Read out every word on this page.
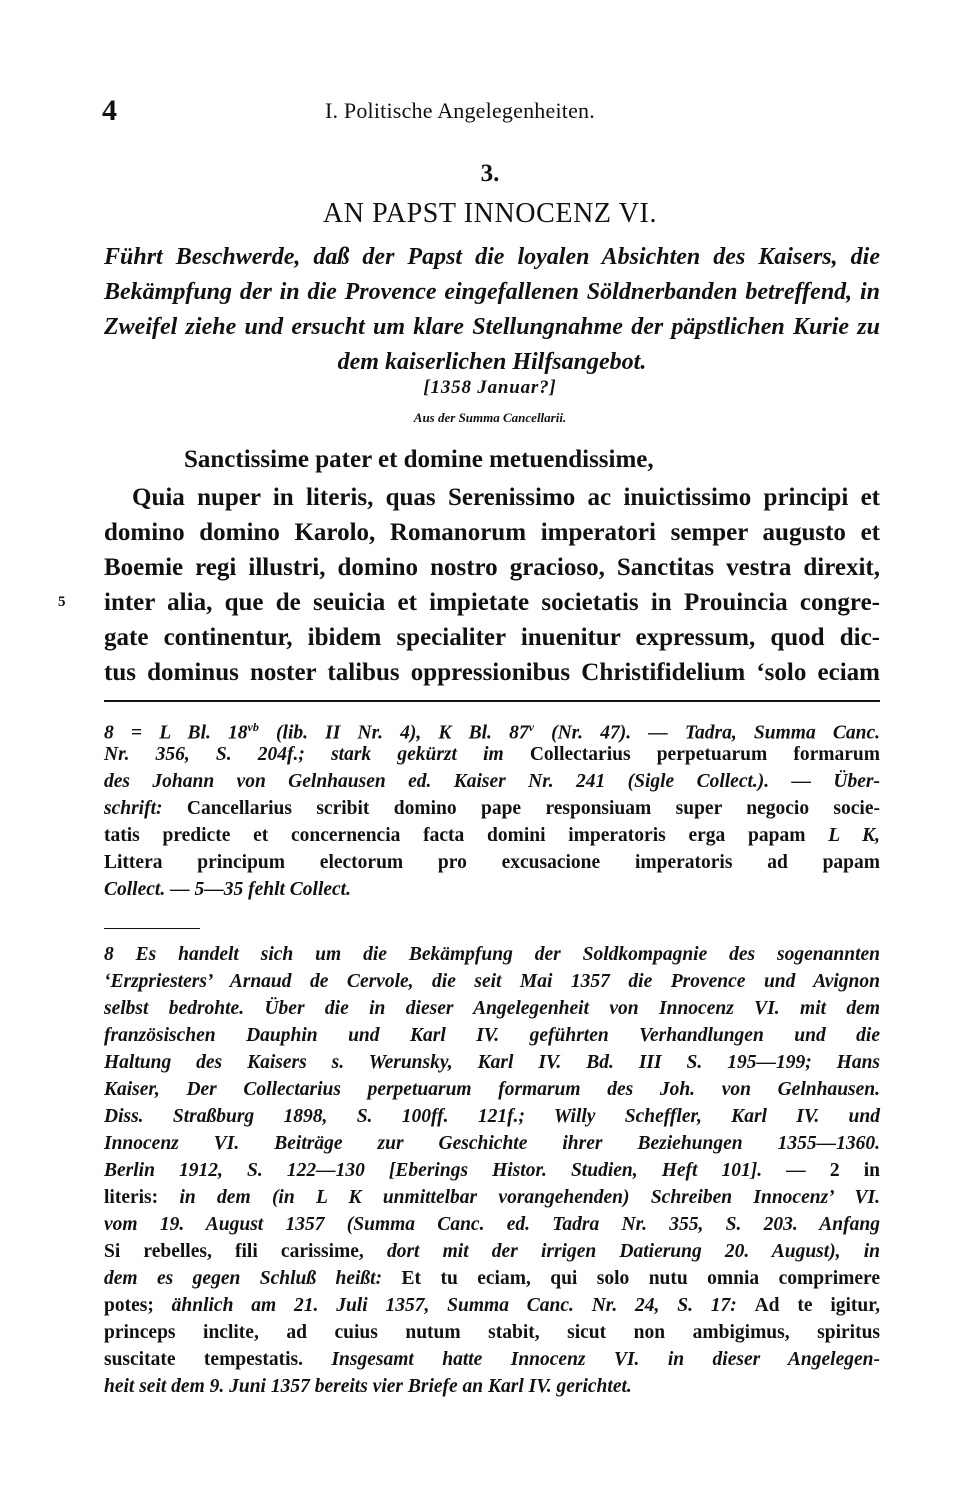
4	I. Politische Angelegenheiten.
3.
AN PAPST INNOCENZ VI.
Führt Beschwerde, daß der Papst die loyalen Absichten des Kaisers, die Bekämpfung der in die Provence eingefallenen Söldnerbanden betreffend, in Zweifel ziehe und ersucht um klare Stellungnahme der päpstlichen Kurie zu dem kaiserlichen Hilfsangebot.
[1358 Januar?]
Aus der Summa Cancellarii.
Sanctissime pater et domine metuendissime,
Quia nuper in literis, quas Serenissimo ac inuictissimo principi et
domino domino Karolo, Romanorum imperatori semper augusto et
Boemie regi illustri, domino nostro gracioso, Sanctitas vestra direxit,
5 inter alia, que de seuicia et impietate societatis in Prouincia congre-
gate continentur, ibidem specialiter inuenitur expressum, quod dic-
tus dominus noster talibus oppressionibus Christifidelium ‘solo eciam
8 = L Bl. $18^{vb}$ (lib. II Nr. 4), K Bl. 87$^v$ (Nr. 47). — Tadra, Summa Canc.
Nr. 356, S. 204f.; stark gekürzt im Collectarius perpetuarum formarum
des Johann von Gelnhausen ed. Kaiser Nr. 241 (Sigle Collect.). — Über-
schrift: Cancellarius scribit domino pape responsiuam super negocio socie-
tatis predicte et concernencia facta domini imperatoris erga papam L K,
Littera principum electorum pro excusacione imperatoris ad papam
Collect. — 5—35 fehlt Collect.
8 Es handelt sich um die Bekämpfung der Soldkompagnie des sogenannten
‘Erzpriesters’ Arnaud de Cervole, die seit Mai 1357 die Provence und Avignon
selbst bedrohte. Über die in dieser Angelegenheit von Innocenz VI. mit dem
französischen Dauphin und Karl IV. geführten Verhandlungen und die
Haltung des Kaisers s. Werunsky, Karl IV. Bd. III S. 195—199; Hans
Kaiser, Der Collectarius perpetuarum formarum des Joh. von Gelnhausen.
Diss. Straßburg 1898, S. 100ff. 121f.; Willy Scheffler, Karl IV. und
Innocenz VI. Beiträge zur Geschichte ihrer Beziehungen 1355—1360.
Berlin 1912, S. 122—130 [Eberings Histor. Studien, Heft 101]. — 2 in
literis: in dem (in L K unmittelbar vorangehenden) Schreiben Innocenz’ VI.
vom 19. August 1357 (Summa Canc. ed. Tadra Nr. 355, S. 203. Anfang
Si rebelles, fili carissime, dort mit der irrigen Datierung 20. August), in
dem es gegen Schluß heißt: Et tu eciam, qui solo nutu omnia comprimere
potes; ähnlich am 21. Juli 1357, Summa Canc. Nr. 24, S. 17: Ad te igitur,
princeps inclite, ad cuius nutum stabit, sicut non ambigimus, spiritus
suscitate tempestatis. Insgesamt hatte Innocenz VI. in dieser Angelegen-
heit seit dem 9. Juni 1357 bereits vier Briefe an Karl IV. gerichtet.
